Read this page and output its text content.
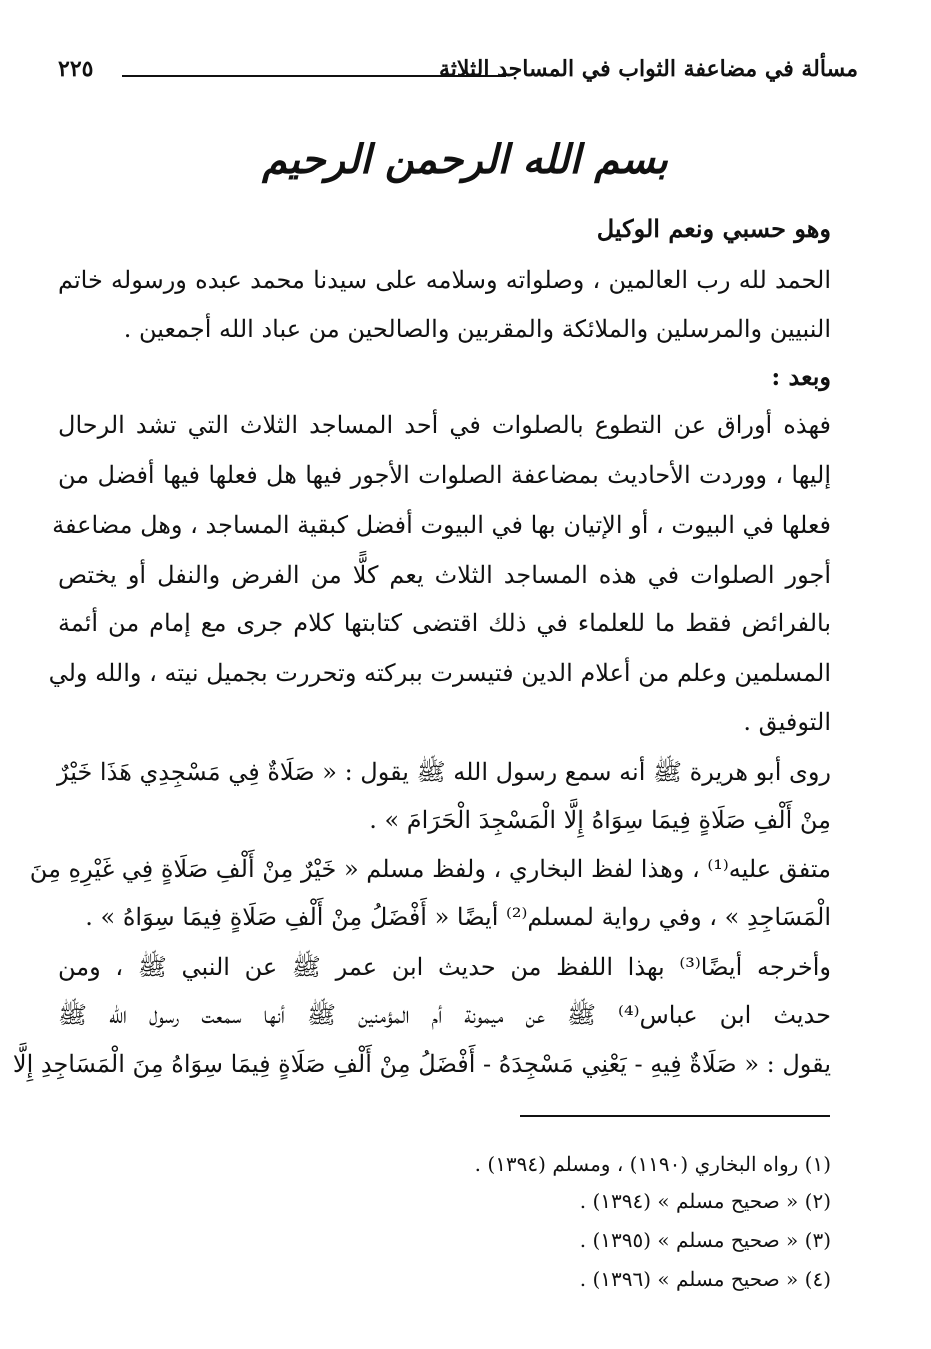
مسألة في مضاعفة الثواب في المساجد الثلاثة
٢٢٥
بسم الله الرحمن الرحيم
وهو حسبي ونعم الوكيل
الحمد لله رب العالمين ، وصلواته وسلامه على سيدنا محمد عبده ورسوله خاتم
النبيين والمرسلين والملائكة والمقربين والصالحين من عباد الله أجمعين .
وبعد :
فهذه أوراق عن التطوع بالصلوات في أحد المساجد الثلاث التي تشد الرحال
إليها ، ووردت الأحاديث بمضاعفة الصلوات الأجور فيها هل فعلها فيها أفضل من
فعلها في البيوت ، أو الإتيان بها في البيوت أفضل كبقية المساجد ، وهل مضاعفة
أجور الصلوات في هذه المساجد الثلاث يعم كلًّا من الفرض والنفل أو يختص
بالفرائض فقط ما للعلماء في ذلك اقتضى كتابتها كلام جرى مع إمام من أئمة
المسلمين وعلم من أعلام الدين فتيسرت ببركته وتحررت بجميل نيته ، والله ولي
التوفيق .
روى أبو هريرة ﷺ أنه سمع رسول الله ﷺ يقول : « صَلَاةٌ فِي مَسْجِدِي هَذَا خَيْرٌ
مِنْ أَلْفِ صَلَاةٍ فِيمَا سِوَاهُ إِلَّا الْمَسْجِدَ الْحَرَامَ » .
متفق عليه⁽¹⁾ ، وهذا لفظ البخاري ، ولفظ مسلم « خَيْرٌ مِنْ أَلْفِ صَلَاةٍ فِي غَيْرِهِ مِنَ
الْمَسَاجِدِ » ، وفي رواية لمسلم⁽²⁾ أيضًا « أَفْضَلُ مِنْ أَلْفِ صَلَاةٍ فِيمَا سِوَاهُ » .
وأخرجه أيضًا⁽³⁾ بهذا اللفظ من حديث ابن عمر ﷺ عن النبي ﷺ ، ومن
حديث ابن عباس⁽⁴⁾ ﷺ عن ميمونة أم المؤمنين ﷺ أنها سمعت رسول الله ﷺ
يقول : « صَلَاةٌ فِيهِ - يَعْنِي مَسْجِدَهُ - أَفْضَلُ مِنْ أَلْفِ صَلَاةٍ فِيمَا سِوَاهُ مِنَ الْمَسَاجِدِ إِلَّا
(١) رواه البخاري (١١٩٠) ، ومسلم (١٣٩٤) .
(٢) « صحيح مسلم » (١٣٩٤) .
(٣) « صحيح مسلم » (١٣٩٥) .
(٤) « صحيح مسلم » (١٣٩٦) .
